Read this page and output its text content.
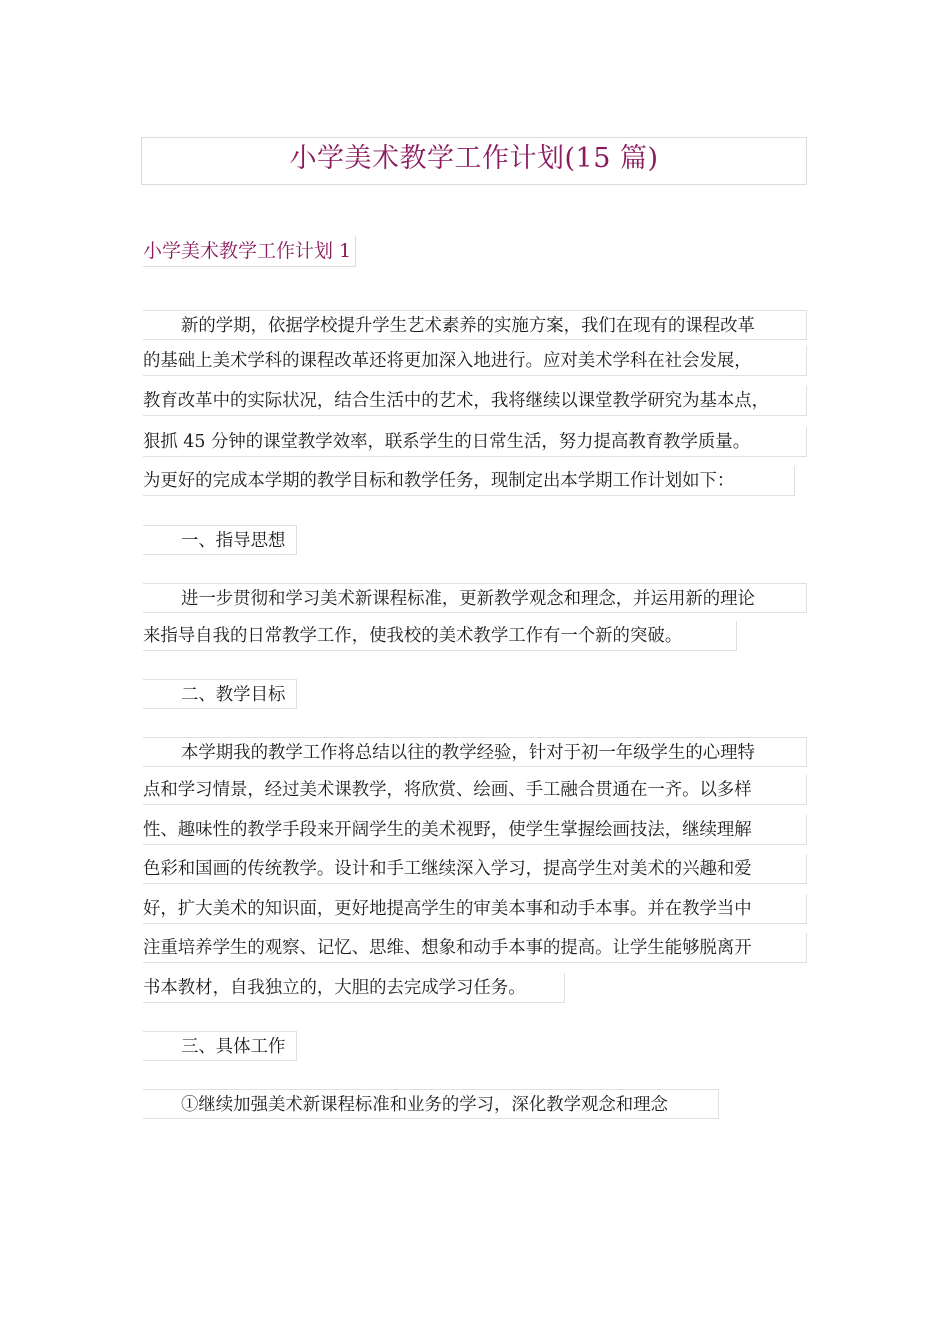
小学美术教学工作计划(15 篇)
小学美术教学工作计划 1
新的学期，依据学校提升学生艺术素养的实施方案，我们在现有的课程改革
的基础上美术学科的课程改革还将更加深入地进行。应对美术学科在社会发展，
教育改革中的实际状况，结合生活中的艺术，我将继续以课堂教学研究为基本点，
狠抓 45 分钟的课堂教学效率，联系学生的日常生活，努力提高教育教学质量。
为更好的完成本学期的教学目标和教学任务，现制定出本学期工作计划如下：
一、指导思想
进一步贯彻和学习美术新课程标准，更新教学观念和理念，并运用新的理论
来指导自我的日常教学工作，使我校的美术教学工作有一个新的突破。
二、教学目标
本学期我的教学工作将总结以往的教学经验，针对于初一年级学生的心理特
点和学习情景，经过美术课教学，将欣赏、绘画、手工融合贯通在一齐。以多样
性、趣味性的教学手段来开阔学生的美术视野，使学生掌握绘画技法，继续理解
色彩和国画的传统教学。设计和手工继续深入学习，提高学生对美术的兴趣和爱
好，扩大美术的知识面，更好地提高学生的审美本事和动手本事。并在教学当中
注重培养学生的观察、记忆、思维、想象和动手本事的提高。让学生能够脱离开
书本教材，自我独立的，大胆的去完成学习任务。
三、具体工作
①继续加强美术新课程标准和业务的学习，深化教学观念和理念
